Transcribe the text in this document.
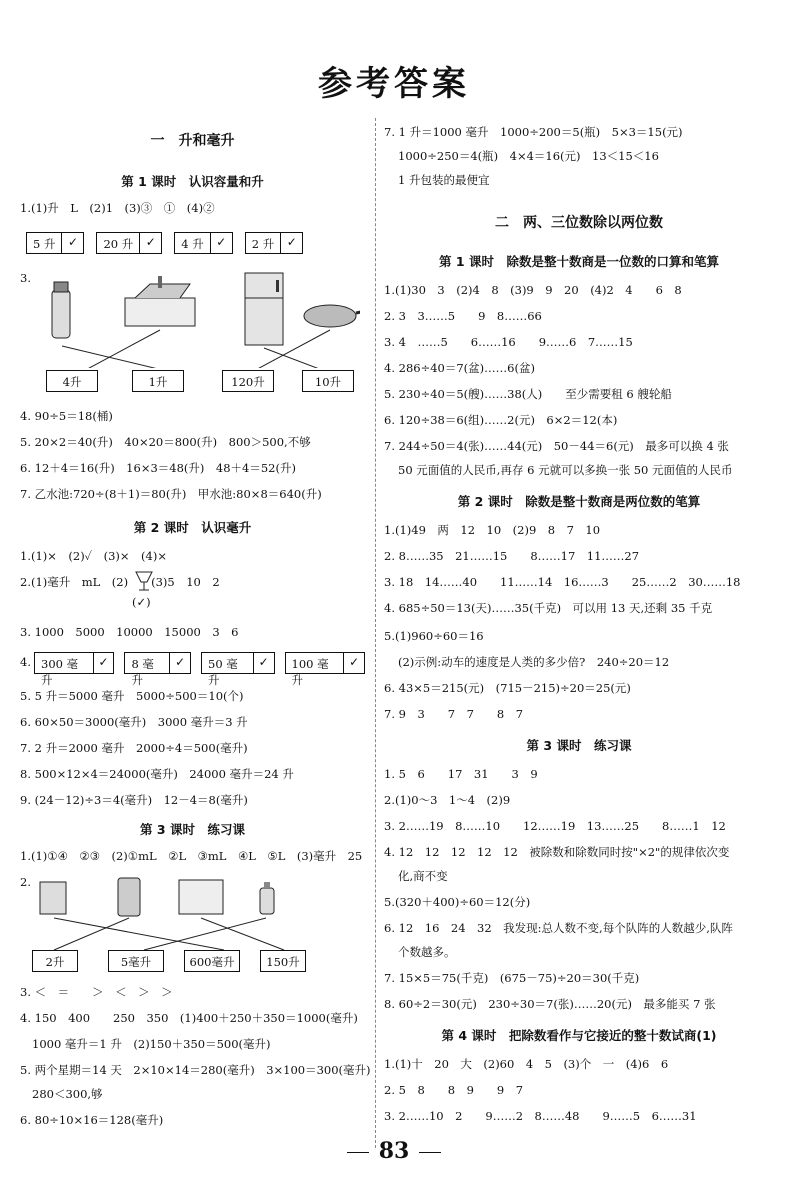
参考答案
一　升和毫升
第 1 课时　认识容量和升
1.(1)升　L　(2)1　(3)③　①　(4)②
5 升	✓	20 升	✓	4 升	✓	2 升	✓
3.
4升	1升	120升	10升
4. 90÷5＝18(桶)
5. 20×2＝40(升)　40×20＝800(升)　800＞500,不够
6. 12＋4＝16(升)　16×3＝48(升)　48＋4＝52(升)
7. 乙水池:720÷(8＋1)＝80(升)　甲水池:80×8＝640(升)
第 2 课时　认识毫升
1.(1)×　(2)✓　(3)×　(4)×
2.(1)毫升　mL　(2)　　(3)5　10　2
(✓)
3. 1000　5000　10000　15000　3　6
4. 300 毫升
✓	8 毫升
✓	50 毫升
✓	100 毫升
✓
5. 5 升＝5000 毫升　5000÷500＝10(个)
6. 60×50＝3000(毫升)　3000 毫升＝3 升
7. 2 升＝2000 毫升　2000÷4＝500(毫升)
8. 500×12×4＝24000(毫升)　24000 毫升＝24 升
9. (24－12)÷3＝4(毫升)　12－4＝8(毫升)
第 3 课时　练习课
1.(1)①④　②③　(2)①mL　②L　③mL　④L　⑤L　(3)毫升　25
2.
2升	5毫升	600毫升	150升
3. ＜　＝　　＞　＜　＞　＞
4. 150　400　　250　350　(1)400＋250＋350＝1000(毫升)
1000 毫升＝1 升　(2)150＋350＝500(毫升)
5. 两个星期＝14 天　2×10×14＝280(毫升)　3×100＝300(毫升)
280＜300,够
6. 80÷10×16＝128(毫升)
7. 1 升＝1000 毫升　1000÷200＝5(瓶)　5×3＝15(元)
1000÷250＝4(瓶)　4×4＝16(元)　13＜15＜16
1 升包装的最便宜
二　两、三位数除以两位数
第 1 课时　除数是整十数商是一位数的口算和笔算
1.(1)30　3　(2)4　8　(3)9　9　20　(4)2　4　　6　8
2. 3　3……5　　9　8……66
3. 4　……5　　6……16　　9……6　7……15
4. 286÷40＝7(盆)……6(盆)
5. 230÷40＝5(艘)……38(人)　　至少需要租 6 艘轮船
6. 120÷38＝6(组)……2(元)　6×2＝12(本)
7. 244÷50＝4(张)……44(元)　50－44＝6(元)　最多可以换 4 张
50 元面值的人民币,再存 6 元就可以多换一张 50 元面值的人民币
第 2 课时　除数是整十数商是两位数的笔算
1.(1)49　两　12　10　(2)9　8　7　10
2. 8……35　21……15　　8……17　11……27
3. 18　14……40　　11……14　16……3　　25……2　30……18
4. 685÷50＝13(天)……35(千克)　可以用 13 天,还剩 35 千克
5.(1)960÷60＝16
(2)示例:动车的速度是人类的多少倍?　240÷20＝12
6. 43×5＝215(元)　(715－215)÷20＝25(元)
7. 9　3　　7　7　　8　7
第 3 课时　练习课
1. 5　6　　17　31　　3　9
2.(1)0～3　1～4　(2)9
3. 2……19　8……10　　12……19　13……25　　8……1　12
4. 12　12　12　12　12　被除数和除数同时按"×2"的规律依次变
化,商不变
5.(320＋400)÷60＝12(分)
6. 12　16　24　32　我发现:总人数不变,每个队阵的人数越少,队阵
个数越多。
7. 15×5＝75(千克)　(675－75)÷20＝30(千克)
8. 60÷2＝30(元)　230÷30＝7(张)……20(元)　最多能买 7 张
第 4 课时　把除数看作与它接近的整十数试商(1)
1.(1)十　20　大　(2)60　4　5　(3)个　一　(4)6　6
2. 5　8　　8　9　　9　7
3. 2……10　2　　9……2　8……48　　9……5　6……31
83
